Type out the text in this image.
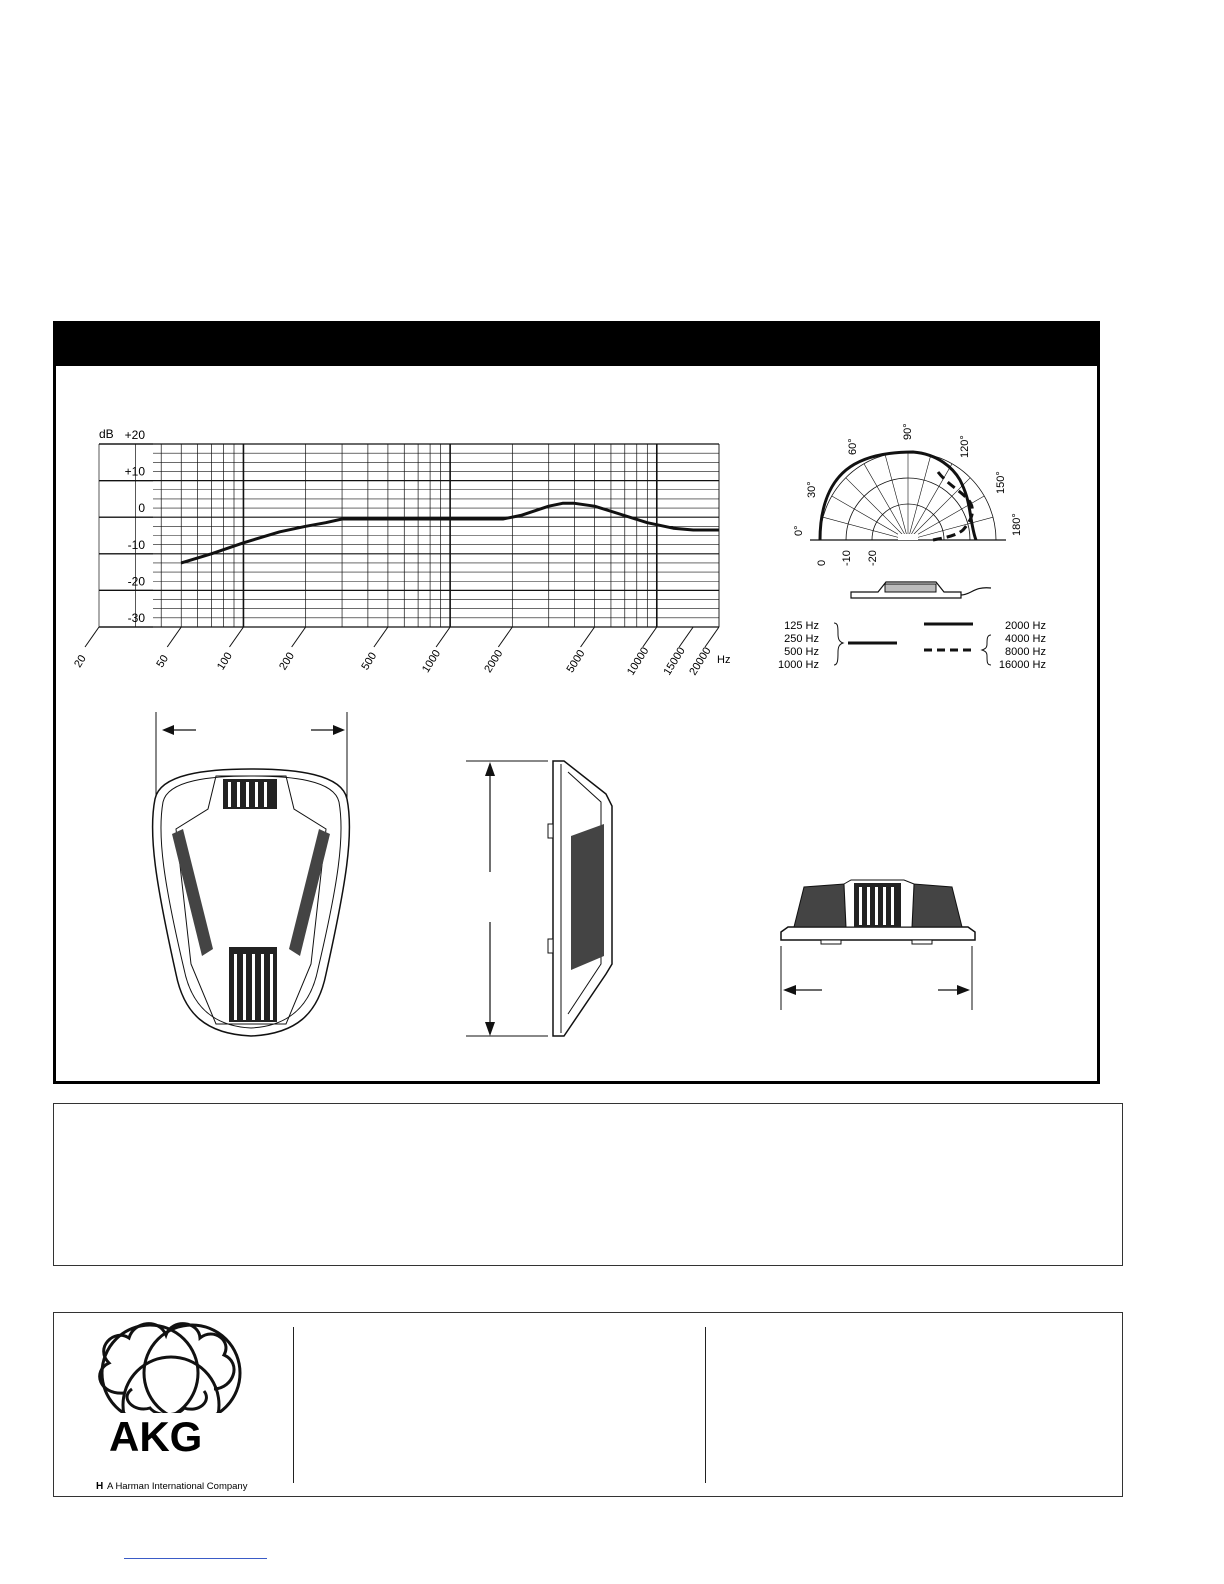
+20
+10
0
-10
-20
-30
20	50	100	200	500	1000	2000	5000	10000 15000 20000
dB
Hz
0°
30°
60°
90°
120°
150°
180°
0 -10 -20
125 Hz
250 Hz
500 Hz
1000 Hz
2000 Hz
4000 Hz
8000 Hz
16000 Hz
AKG
H A Harman International Company
